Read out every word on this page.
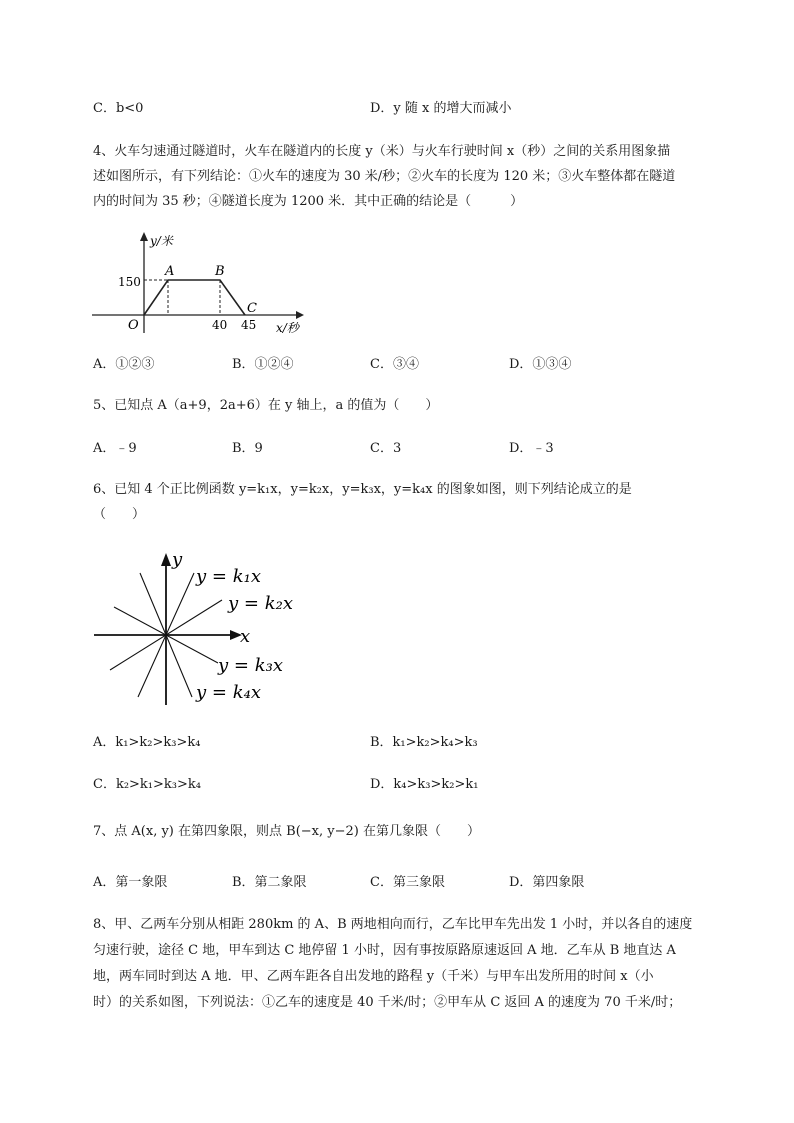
C．b<0	D．y 随 x 的增大而减小
4、火车匀速通过隧道时，火车在隧道内的长度 y（米）与火车行驶时间 x（秒）之间的关系用图象描
述如图所示，有下列结论：①火车的速度为 30 米/秒；②火车的长度为 120 米；③火车整体都在隧道
内的时间为 35 秒；④隧道长度为 1200 米．其中正确的结论是（　　　）
y/米
x/秒
O
150
40 45
A	B
C
A．①②③	B．①②④	C．③④	D．①③④
5、已知点 A（a+9，2a+6）在 y 轴上，a 的值为（　　）
A．﹣9	B．9	C．3	D．﹣3
6、已知 4 个正比例函数 y=k₁x，y=k₂x，y=k₃x，y=k₄x 的图象如图，则下列结论成立的是
（　　）
y
x
y = k₁x
y = k₂x
y = k₃x
y = k₄x
A．k₁>k₂>k₃>k₄	B．k₁>k₂>k₄>k₃
C．k₂>k₁>k₃>k₄	D．k₄>k₃>k₂>k₁
7、点 A(x, y) 在第四象限，则点 B(−x, y−2) 在第几象限（　　）
A．第一象限	B．第二象限	C．第三象限	D．第四象限
8、甲、乙两车分别从相距 280km 的 A、B 两地相向而行，乙车比甲车先出发 1 小时，并以各自的速度
匀速行驶，途径 C 地，甲车到达 C 地停留 1 小时，因有事按原路原速返回 A 地．乙车从 B 地直达 A
地，两车同时到达 A 地．甲、乙两车距各自出发地的路程 y（千米）与甲车出发所用的时间 x（小
时）的关系如图，下列说法：①乙车的速度是 40 千米/时；②甲车从 C 返回 A 的速度为 70 千米/时；
